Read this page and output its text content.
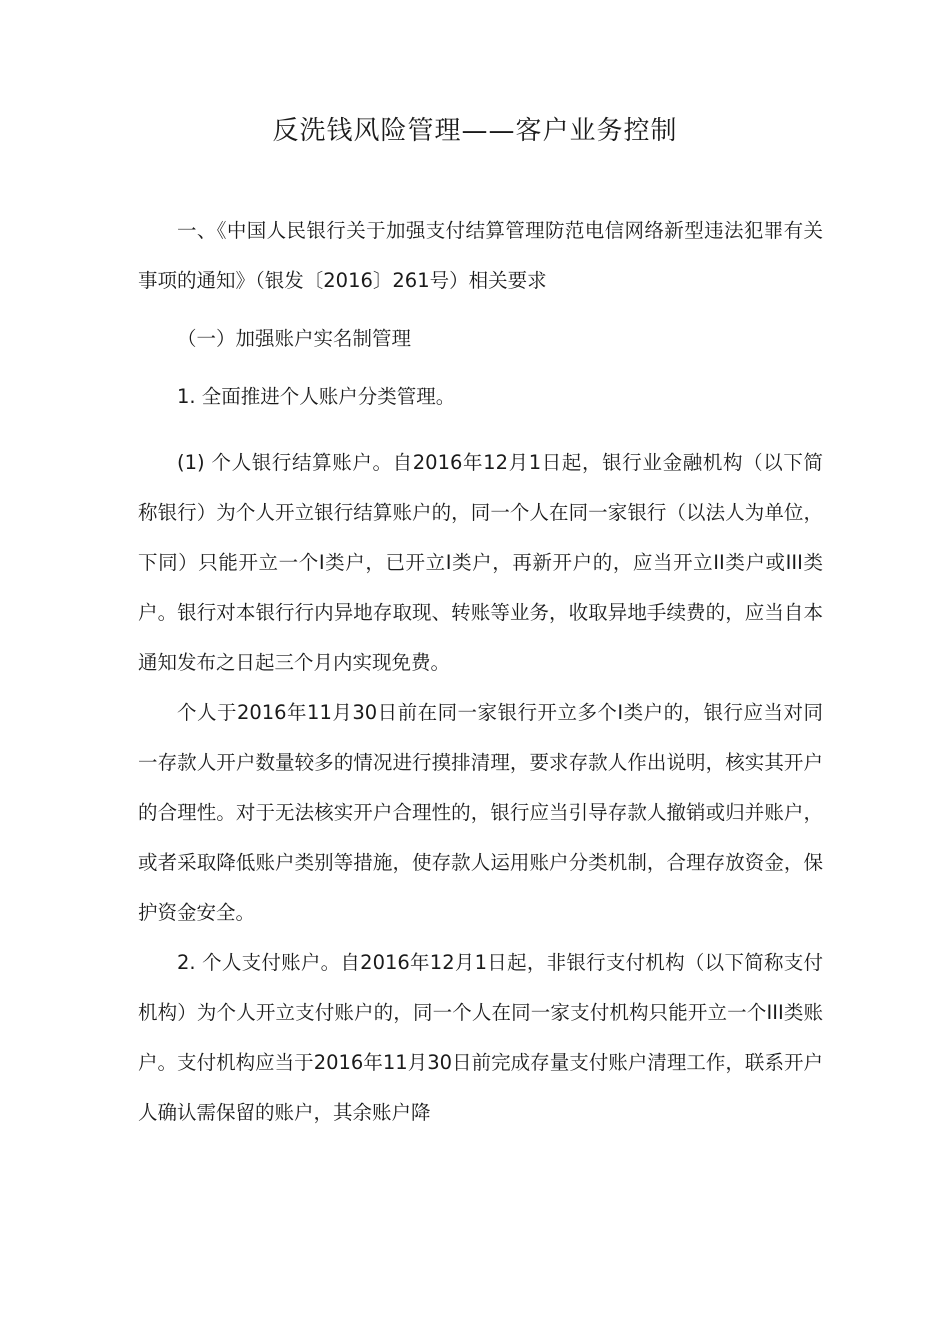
反洗钱风险管理——客户业务控制

一、《中国人民银行关于加强支付结算管理防范电信网络新型违法犯罪有关事项的通知》（银发〔2016〕261号）相关要求

（一）加强账户实名制管理

1. 全面推进个人账户分类管理。

(1) 个人银行结算账户。自2016年12月1日起，银行业金融机构（以下简称银行）为个人开立银行结算账户的，同一个人在同一家银行（以法人为单位，下同）只能开立一个I类户，已开立I类户，再新开户的，应当开立II类户或III类户。银行对本银行行内异地存取现、转账等业务，收取异地手续费的，应当自本通知发布之日起三个月内实现免费。

个人于2016年11月30日前在同一家银行开立多个I类户的，银行应当对同一存款人开户数量较多的情况进行摸排清理，要求存款人作出说明，核实其开户的合理性。对于无法核实开户合理性的，银行应当引导存款人撤销或归并账户，或者采取降低账户类别等措施，使存款人运用账户分类机制，合理存放资金，保护资金安全。

2. 个人支付账户。自2016年12月1日起，非银行支付机构（以下简称支付机构）为个人开立支付账户的，同一个人在同一家支付机构只能开立一个III类账户。支付机构应当于2016年11月30日前完成存量支付账户清理工作，联系开户人确认需保留的账户，其余账户降
